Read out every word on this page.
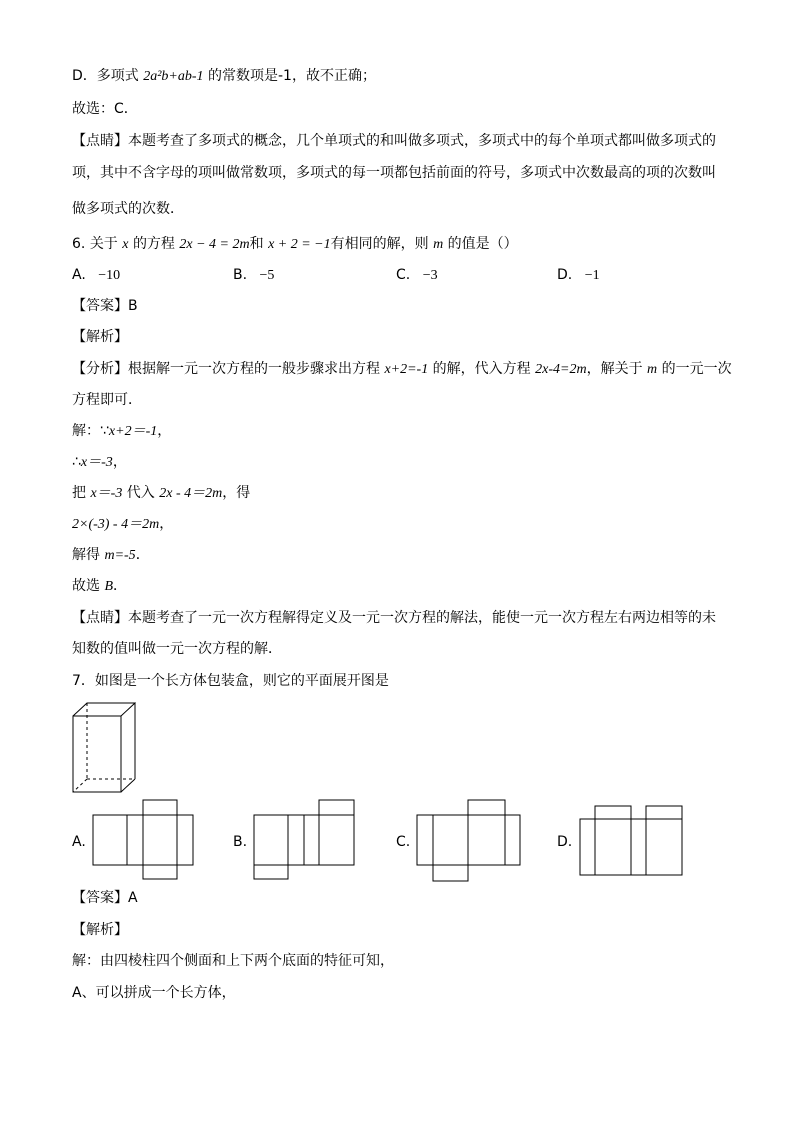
D．多项式 2a²b+ab-1 的常数项是-1，故不正确；
故选：C．
【点睛】本题考查了多项式的概念，几个单项式的和叫做多项式，多项式中的每个单项式都叫做多项式的
项，其中不含字母的项叫做常数项，多项式的每一项都包括前面的符号，多项式中次数最高的项的次数叫
做多项式的次数．
6. 关于 x 的方程 2x − 4 = 2m和 x + 2 = −1有相同的解，则 m 的值是（）
A. −10	B. −5	C. −3	D. −1
【答案】B
【解析】
【分析】根据解一元一次方程的一般步骤求出方程 x+2=-1 的解，代入方程 2x-4=2m，解关于 m 的一元一次
方程即可．
解：∵x+2＝-1，
∴x＝-3，
把 x＝-3 代入 2x - 4＝2m，得
2×(-3) - 4＝2m，
解得 m=-5．
故选 B．
【点睛】本题考查了一元一次方程解得定义及一元一次方程的解法，能使一元一次方程左右两边相等的未
知数的值叫做一元一次方程的解．
7．如图是一个长方体包装盒，则它的平面展开图是
A.	B.	C.	D.
【答案】A
【解析】
解：由四棱柱四个侧面和上下两个底面的特征可知，
A、可以拼成一个长方体，
